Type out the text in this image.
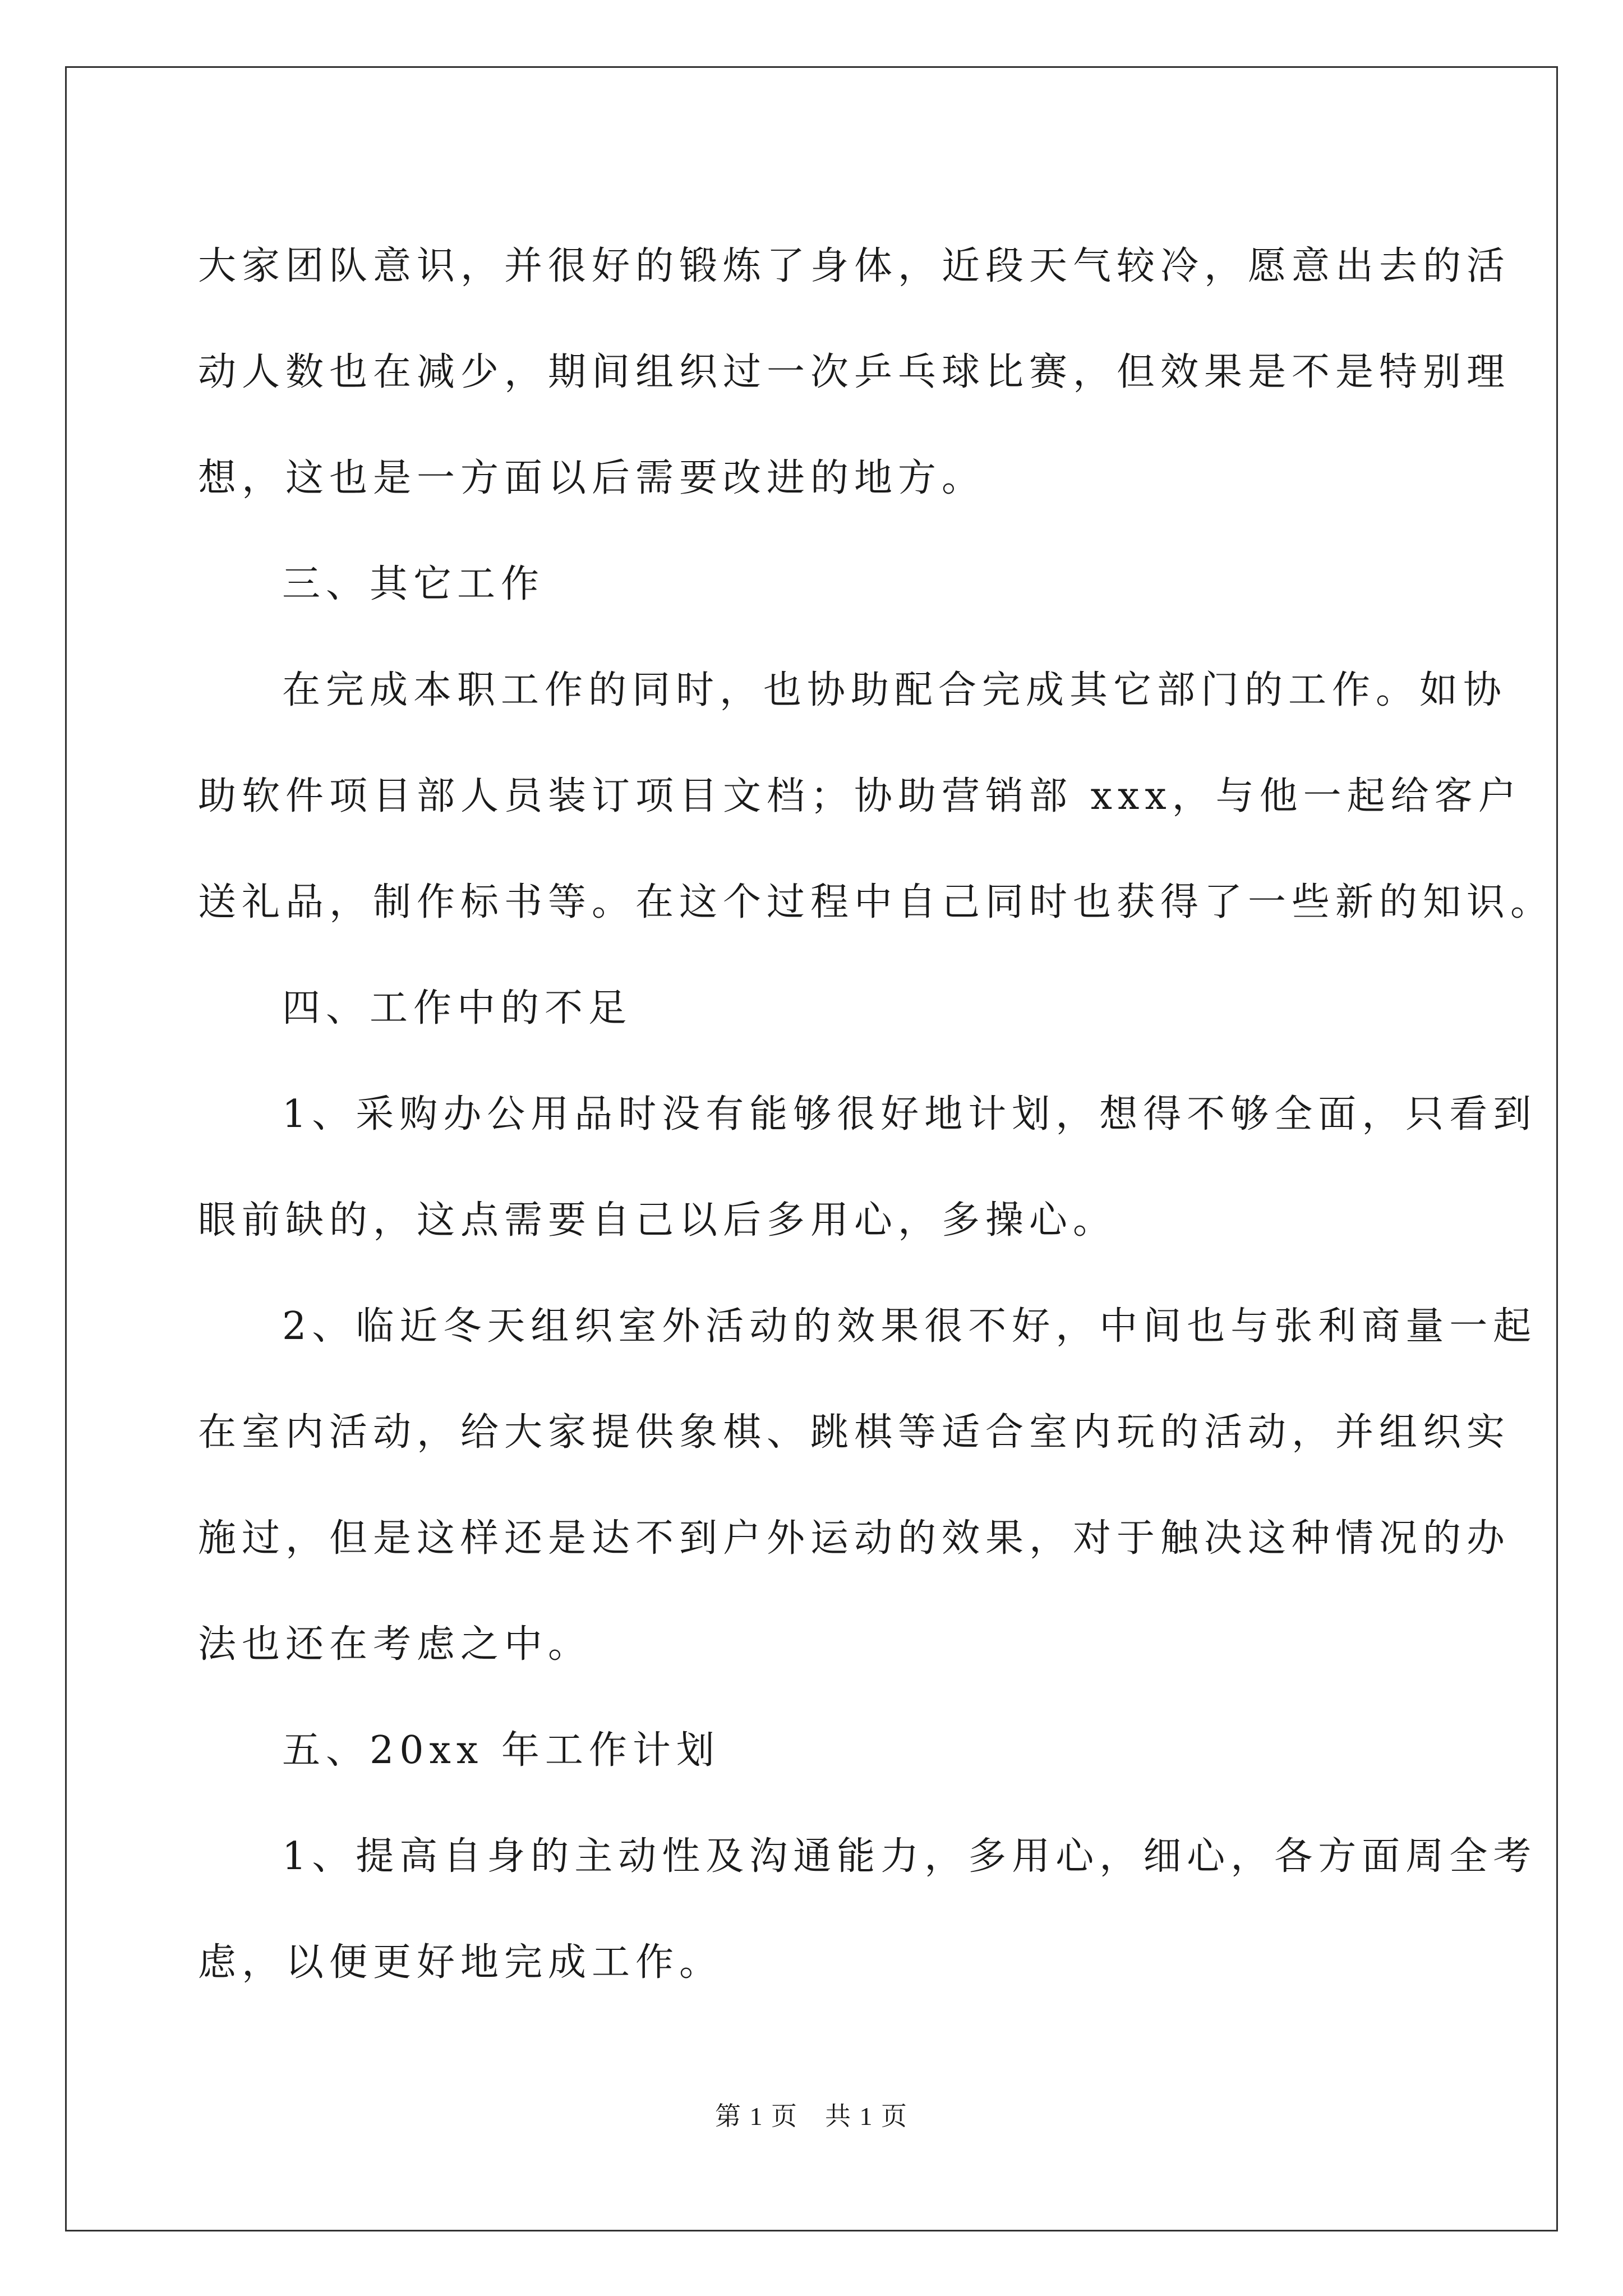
大家团队意识，并很好的锻炼了身体，近段天气较冷，愿意出去的活

动人数也在减少，期间组织过一次乒乓球比赛，但效果是不是特别理

想，这也是一方面以后需要改进的地方。

三、其它工作

在完成本职工作的同时，也协助配合完成其它部门的工作。如协

助软件项目部人员装订项目文档；协助营销部 xxx，与他一起给客户

送礼品，制作标书等。在这个过程中自己同时也获得了一些新的知识。

四、工作中的不足

1、采购办公用品时没有能够很好地计划，想得不够全面，只看到

眼前缺的，这点需要自己以后多用心，多操心。

2、临近冬天组织室外活动的效果很不好，中间也与张利商量一起

在室内活动，给大家提供象棋、跳棋等适合室内玩的活动，并组织实

施过，但是这样还是达不到户外运动的效果，对于触决这种情况的办

法也还在考虑之中。

五、20xx 年工作计划

1、提高自身的主动性及沟通能力，多用心，细心，各方面周全考

虑，以便更好地完成工作。

第 1 页　共 1 页
